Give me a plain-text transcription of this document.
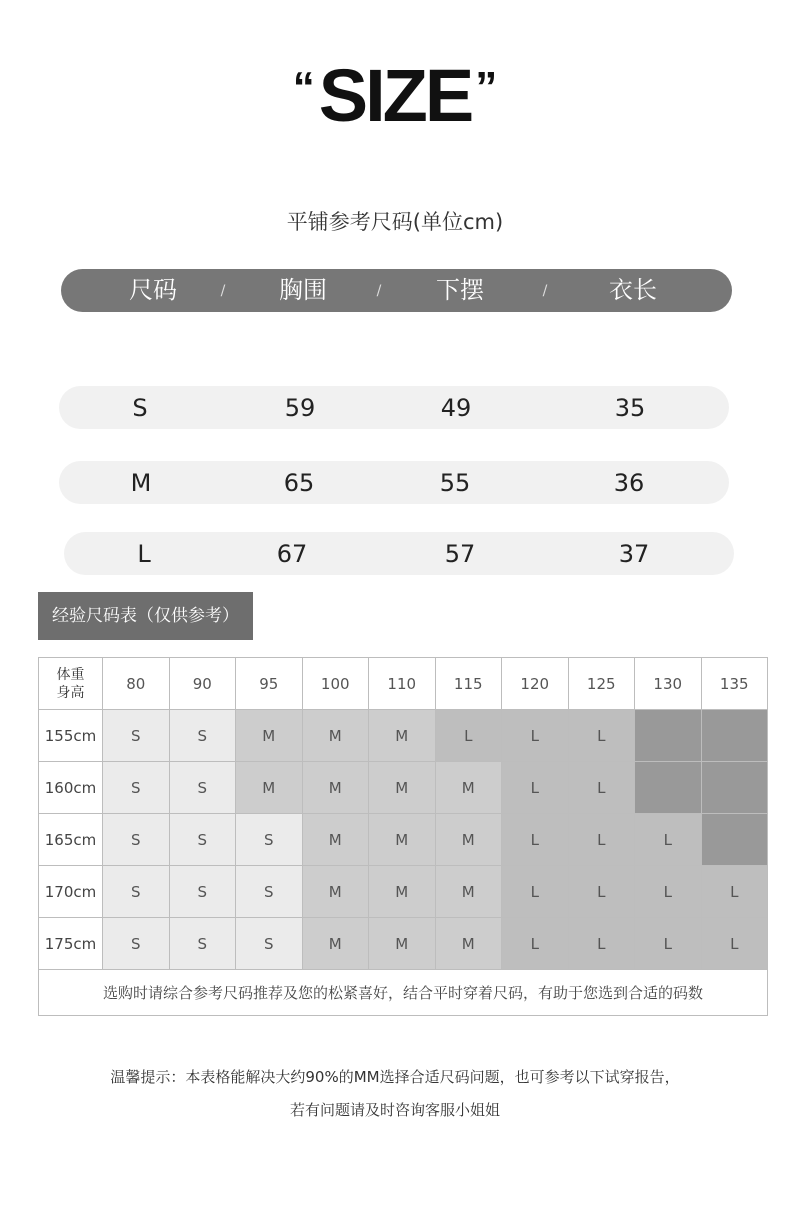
“SIZE”
平铺参考尺码(单位cm)
尺码	/ 胸围	/ 下摆	/	衣长
S	59	49	35
M	65	55	36
L	67	57	37
经验尺码表（仅供参考）
体重
身高	80	90	95	100	110	115	120	125	130	135
155cm	S	S	M	M	M	L	L	L		
160cm	S	S	M	M	M	M	L	L		
165cm	S	S	S	M	M	M	L	L	L	
170cm	S	S	S	M	M	M	L	L	L	L
175cm	S	S	S	M	M	M	L	L	L	L
选购时请综合参考尺码推荐及您的松紧喜好，结合平时穿着尺码，有助于您选到合适的码数										
温馨提示：本表格能解决大约90%的MM选择合适尺码问题，也可参考以下试穿报告，
若有问题请及时咨询客服小姐姐
